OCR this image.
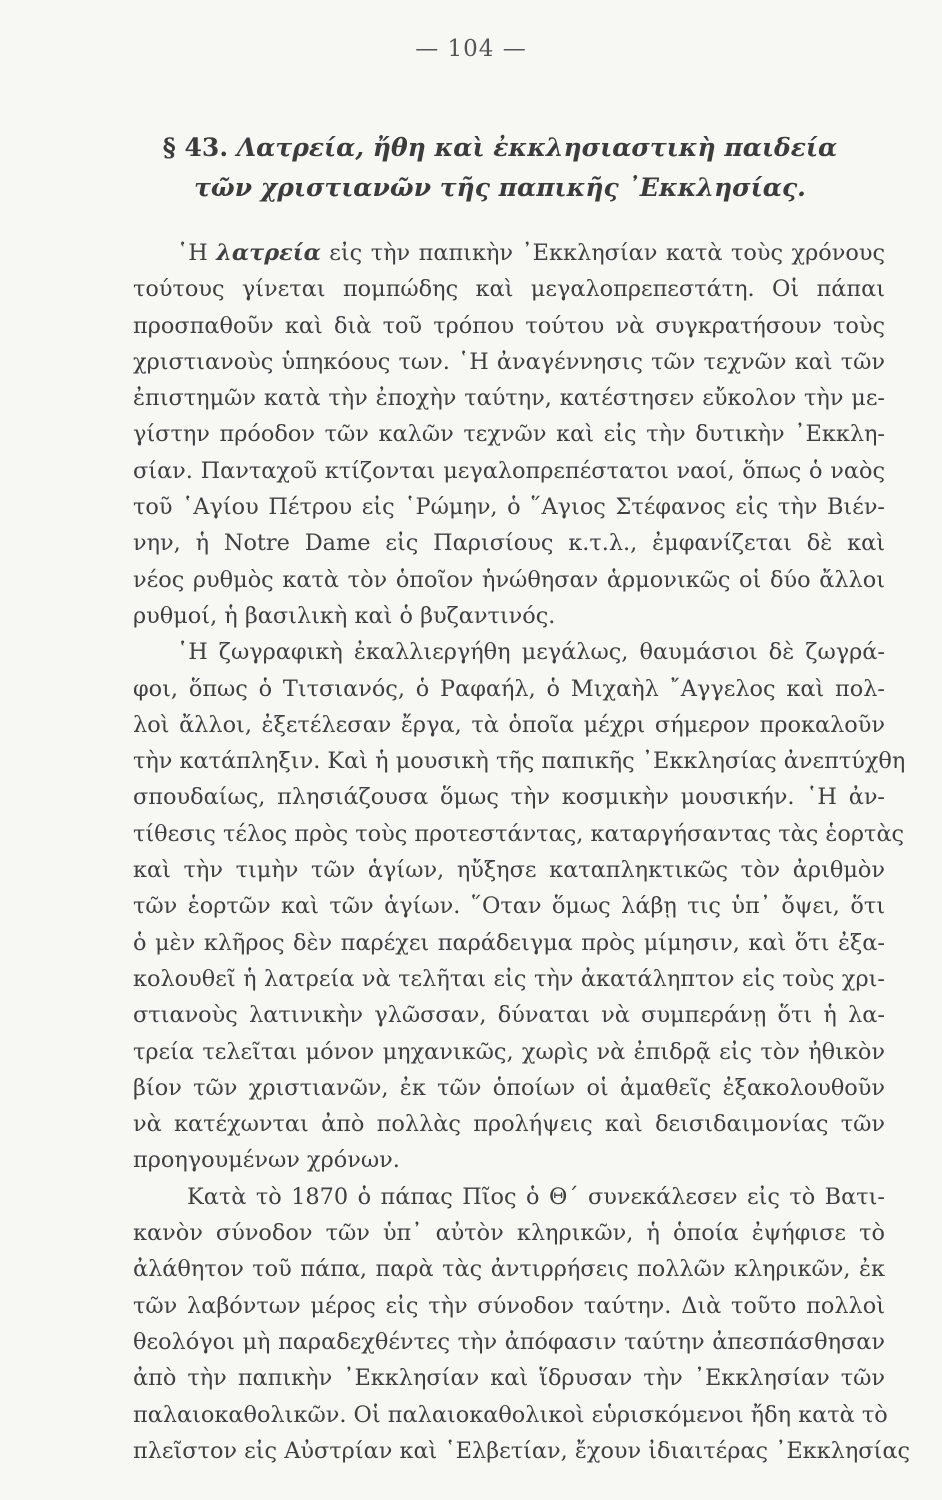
— 104 —
§ 43. Λατρεία, ἤθη καὶ ἐκκλησιαστικὴ παιδεία
τῶν χριστιανῶν τῆς παπικῆς ᾿Εκκλησίας.
῾Η λατρεία εἰς τὴν παπικὴν ᾿Εκκλησίαν κατὰ τοὺς χρόνους
τούτους γίνεται πομπώδης καὶ μεγαλοπρεπεστάτη. Οἱ πάπαι
προσπαθοῦν καὶ διὰ τοῦ τρόπου τούτου νὰ συγκρατήσουν τοὺς
χριστιανοὺς ὑπηκόους των. ῾Η ἀναγέννησις τῶν τεχνῶν καὶ τῶν
ἐπιστημῶν κατὰ τὴν ἐποχὴν ταύτην, κατέστησεν εὔκολον τὴν με-
γίστην πρόοδον τῶν καλῶν τεχνῶν καὶ εἰς τὴν δυτικὴν ᾿Εκκλη-
σίαν. Πανταχοῦ κτίζονται μεγαλοπρεπέστατοι ναοί, ὅπως ὁ ναὸς
τοῦ ῾Αγίου Πέτρου εἰς ῾Ρώμην, ὁ ῞Αγιος Στέφανος εἰς τὴν Βιέν-
νην, ἡ Notre Dame εἰς Παρισίους κ.τ.λ., ἐμφανίζεται δὲ καὶ
νέος ρυθμὸς κατὰ τὸν ὁποῖον ἡνώθησαν ἁρμονικῶς οἱ δύο ἄλλοι
ρυθμοί, ἡ βασιλικὴ καὶ ὁ βυζαντινός.
῾Η ζωγραφικὴ ἐκαλλιεργήθη μεγάλως, θαυμάσιοι δὲ ζωγρά-
φοι, ὅπως ὁ Τιτσιανός, ὁ Ραφαήλ, ὁ Μιχαὴλ ῎Αγγελος καὶ πολ-
λοὶ ἄλλοι, ἐξετέλεσαν ἔργα, τὰ ὁποῖα μέχρι σήμερον προκαλοῦν
τὴν κατάπληξιν. Καὶ ἡ μουσικὴ τῆς παπικῆς ᾿Εκκλησίας ἀνεπτύχθη
σπουδαίως, πλησιάζουσα ὅμως τὴν κοσμικὴν μουσικήν. ῾Η ἀν-
τίθεσις τέλος πρὸς τοὺς προτεστάντας, καταργήσαντας τὰς ἑορτὰς
καὶ τὴν τιμὴν τῶν ἁγίων, ηὔξησε καταπληκτικῶς τὸν ἀριθμὸν
τῶν ἑορτῶν καὶ τῶν ἁγίων. ῞Οταν ὅμως λάβῃ τις ὑπ᾿ ὄψει, ὅτι
ὁ μὲν κλῆρος δὲν παρέχει παράδειγμα πρὸς μίμησιν, καὶ ὅτι ἐξα-
κολουθεῖ ἡ λατρεία νὰ τελῆται εἰς τὴν ἀκατάληπτον εἰς τοὺς χρι-
στιανοὺς λατινικὴν γλῶσσαν, δύναται νὰ συμπεράνῃ ὅτι ἡ λα-
τρεία τελεῖται μόνον μηχανικῶς, χωρὶς νὰ ἐπιδρᾷ εἰς τὸν ἠθικὸν
βίον τῶν χριστιανῶν, ἐκ τῶν ὁποίων οἱ ἀμαθεῖς ἐξακολουθοῦν
νὰ κατέχωνται ἀπὸ πολλὰς προλήψεις καὶ δεισιδαιμονίας τῶν
προηγουμένων χρόνων.
Κατὰ τὸ 1870 ὁ πάπας Πῖος ὁ Θ΄ συνεκάλεσεν εἰς τὸ Βατι-
κανὸν σύνοδον τῶν ὑπ᾿ αὐτὸν κληρικῶν, ἡ ὁποία ἐψήφισε τὸ
ἀλάθητον τοῦ πάπα, παρὰ τὰς ἀντιρρήσεις πολλῶν κληρικῶν, ἐκ
τῶν λαβόντων μέρος εἰς τὴν σύνοδον ταύτην. Διὰ τοῦτο πολλοὶ
θεολόγοι μὴ παραδεχθέντες τὴν ἀπόφασιν ταύτην ἀπεσπάσθησαν
ἀπὸ τὴν παπικὴν ᾿Εκκλησίαν καὶ ἵδρυσαν τὴν ᾿Εκκλησίαν τῶν
παλαιοκαθολικῶν. Οἱ παλαιοκαθολικοὶ εὑρισκόμενοι ἤδη κατὰ τὸ
πλεῖστον εἰς Αὐστρίαν καὶ ῾Ελβετίαν, ἔχουν ἰδιαιτέρας ᾿Εκκλησίας
